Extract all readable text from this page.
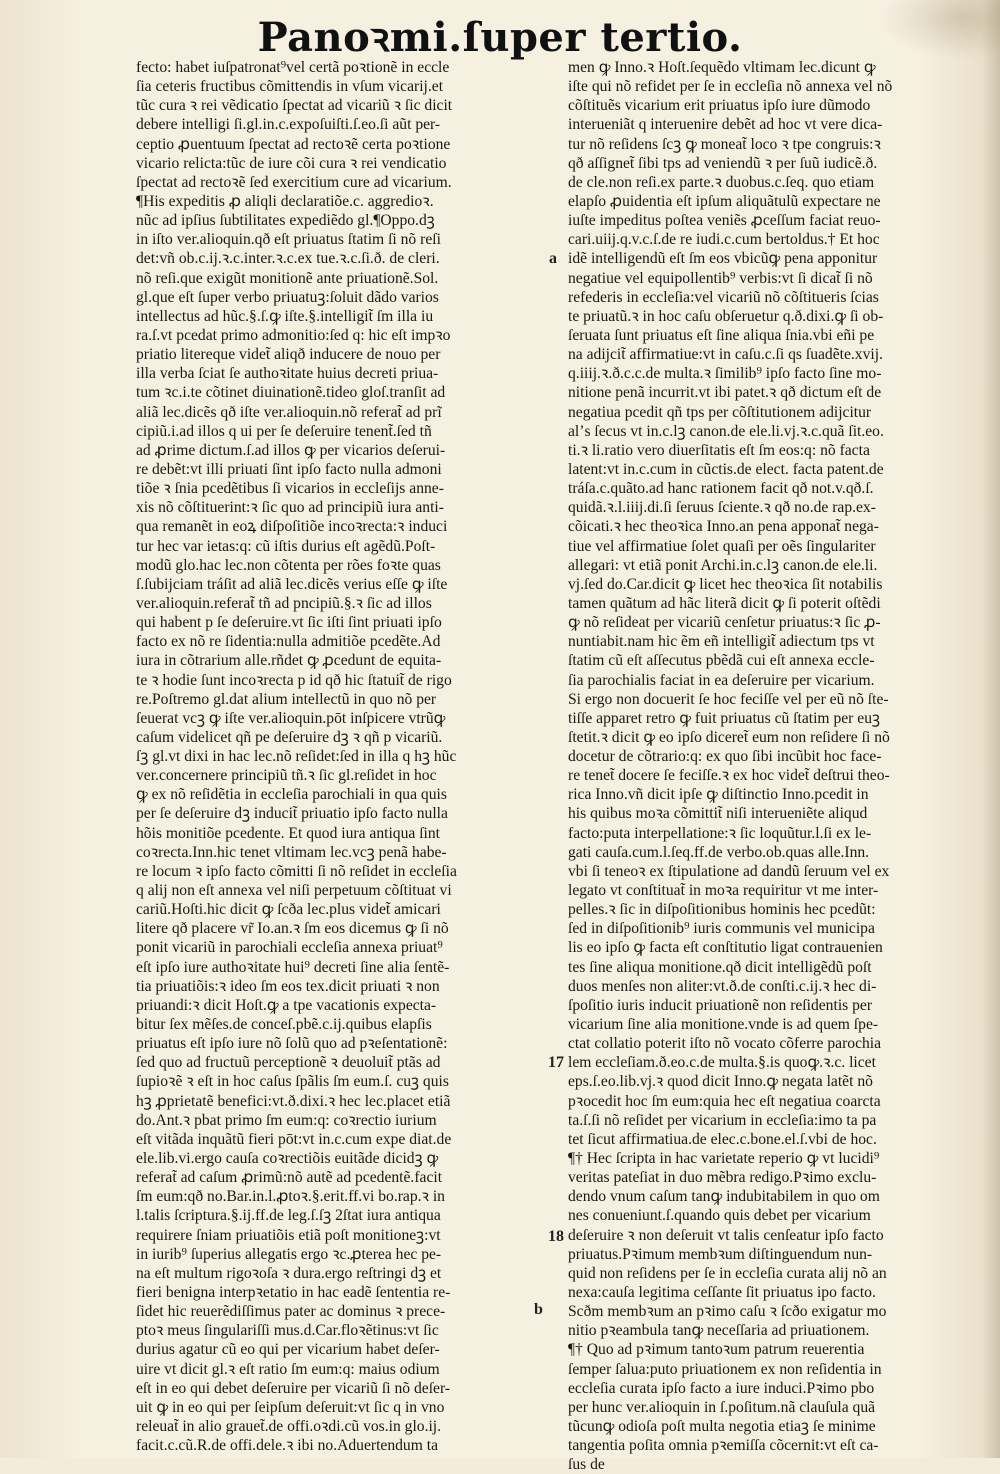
Panoꝛmi.ſuper tertio.
fecto: habet iuſpatronat⁹vel certã poꝛtionẽ in eccle
ſia ceteris fructibus cõmittendis in vſum vicarij.et
tũc cura ꝛ rei vẽdicatio ſpectat ad vicariũ ꝛ ſic dicit
debere intelligi ſi.gl.in.c.expoſuiſti.ſ.eo.ſi aũt per-
ceptio ꝓuentuum ſpectat ad rectoꝛẽ certa poꝛtione
vicario relicta:tũc de iure cõi cura ꝛ rei vendicatio
ſpectat ad rectoꝛẽ ſed exercitium cure ad vicarium.
¶His expeditis ꝓ aliqli declaratiõe.c. aggredioꝛ.
nũc ad ipſius ſubtilitates expediẽdo gl.¶Oppo.dꝫ
in iſto ver.alioquin.qð eſt priuatus ſtatim ſi nõ reſi
det:vñ ob.c.ij.ꝛ.c.inter.ꝛ.c.ex tue.ꝛ.c.ſi.ð. de cleri.
nõ reſi.que exigũt monitionẽ ante priuationẽ.Sol.
gl.que eſt ſuper verbo priuatuꝫ:ſoluit dãdo varios
intellectus ad hũc.§.ſ.ꝙ iſte.§.intelligit̃ ſm illa iu
ra.ſ.vt pcedat primo admonitio:ſed q: hic eſt impꝛo
priatio litereque videt̃ aliqð inducere de nouo per
illa verba ſciat ſe authoꝛitate huius decreti priua-
tum ꝛc.i.te cõtinet diuinationẽ.tideo gloſ.tranſit ad
aliã lec.dicẽs qð iſte ver.alioquin.nõ referat̃ ad prĩ
cipiũ.i.ad illos q ui per ſe deſeruire tenent̃.ſed tñ
ad ꝓrime dictum.ſ.ad illos ꝙ per vicarios deſerui-
re debẽt:vt illi priuati ſint ipſo facto nulla admoni
tiõe ꝛ ſnia pcedẽtibus ſi vicarios in eccleſijs anne-
xis nõ cõſtituerint:ꝛ ſic quo ad principiũ iura anti-
qua remanẽt in eoꝝ diſpoſitiõe incoꝛrecta:ꝛ induci
tur hec var ietas:q: cũ iſtis durius eſt agẽdũ.Poſt-
modũ glo.hac lec.non cõtenta per rões foꝛte quas
ſ.ſubijciam tráſit ad aliã lec.dicẽs verius eſſe ꝙ iſte
ver.alioquin.referat̃ tñ ad pncipiũ.§.ꝛ ſic ad illos
qui habent p ſe deſeruire.vt ſic iſti ſint priuati ipſo
facto ex nõ re ſidentia:nulla admitiõe pcedẽte.Ad
iura in cõtrarium alle.rñdet ꝙ ꝓcedunt de equita-
te ꝛ hodie ſunt incoꝛrecta p id qð hic ſtatuit̃ de rigo
re.Poſtremo gl.dat alium intellectũ in quo nõ per
ſeuerat vcꝫ ꝙ iſte ver.alioquin.pōt inſpicere vtrũꝙ
caſum videlicet qñ pe deſeruire dꝫ ꝛ qñ p vicariũ.
ſꝫ gl.vt dixi in hac lec.nõ reſidet:ſed in illa q hꝫ hũc
ver.concernere principiũ tñ.ꝛ ſic gl.reſidet in hoc
ꝙ ex nõ reſidẽtia in eccleſia parochiali in qua quis
per ſe deſeruire dꝫ inducit̃ priuatio ipſo facto nulla
hõis monitiõe pcedente. Et quod iura antiqua ſint
coꝛrecta.Inn.hic tenet vltimam lec.vcꝫ penã habe-
re locum ꝛ ipſo facto cõmitti ſi nõ reſidet in eccleſia
q alij non eſt annexa vel niſi perpetuum cõſtituat vi
cariũ.Hoſti.hic dicit ꝙ ſcða lec.plus videt̃ amicari
litere qð placere vr̃ Io.an.ꝛ ſm eos dicemus ꝙ ſi nõ
ponit vicariũ in parochiali eccleſia annexa priuat⁹
eſt ipſo iure authoꝛitate hui⁹ decreti ſine alia ſentẽ-
tia priuatiõis:ꝛ ideo ſm eos tex.dicit priuati ꝛ non
priuandi:ꝛ dicit Hoſt.ꝙ a tpe vacationis expecta-
bitur ſex mẽſes.de conceſ.pbẽ.c.ij.quibus elapſis
priuatus eſt ipſo iure nõ ſolũ quo ad pꝛeſentationẽ:
ſed quo ad fructuũ perceptionẽ ꝛ deuoluit̃ ptãs ad
ſupioꝛẽ ꝛ eſt in hoc caſus ſpãlis ſm eum.ſ. cuꝫ quis
hꝫ ꝓprietatẽ benefici:vt.ð.dixi.ꝛ hec lec.placet etiã
do.Ant.ꝛ pbat primo ſm eum:q: coꝛrectio iurium
eſt vitãda inquãtũ fieri pōt:vt in.c.cum expe diat.de
ele.lib.vi.ergo cauſa coꝛrectiõis euitãde dicidꝫ ꝙ
referat̃ ad caſum ꝓrimũ:nõ autẽ ad pcedentẽ.facit
ſm eum:qð no.Bar.in.l.ꝓtoꝛ.§.erit.ff.vi bo.rap.ꝛ in
l.talis ſcriptura.§.ij.ff.de leg.ſ.ſꝫ 2ſtat iura antiqua
requirere ſniam priuatiõis etiã poſt monitioneꝫ:vt
in iurib⁹ ſuperius allegatis ergo ꝛc.ꝓterea hec pe-
na eſt multum rigoꝛoſa ꝛ dura.ergo reſtringi dꝫ et
fieri benigna interpꝛetatio in hac eadẽ ſententia re-
ſidet hic reuerẽdiſſimus pater ac dominus ꝛ prece-
ptoꝛ meus ſingulariſſi mus.d.Car.floꝛẽtinus:vt ſic
durius agatur cũ eo qui per vicarium habet deſer-
uire vt dicit gl.ꝛ eſt ratio ſm eum:q: maius odium
eſt in eo qui debet deſeruire per vicariũ ſi nõ deſer-
uit ꝙ in eo qui per ſeipſum deſeruit:vt ſic q in vno
releuat̃ in alio grauet̃.de offi.oꝛdi.cũ vos.in glo.ij.
facit.c.cũ.R.de offi.dele.ꝛ ibi no.Aduertendum ta
men ꝙ Inno.ꝛ Hoſt.ſequẽdo vltimam lec.dicunt ꝙ
iſte qui nõ refidet per ſe in eccleſia nõ annexa vel nõ
cõſtituẽs vicarium erit priuatus ipſo iure dũmodo
interueniãt q interuenire debẽt ad hoc vt vere dica-
tur nõ reſidens ſcꝫ ꝙ moneat̃ loco ꝛ tpe congruis:ꝛ
qð aſſignet̃ ſibi tps ad veniendũ ꝛ per ſuũ iudicẽ.ð.
de cle.non reſi.ex parte.ꝛ duobus.c.ſeq. quo etiam
elapſo ꝓuidentia eſt ipſum aliquãtulũ expectare ne
iuſte impeditus poſtea veniẽs ꝓceſſum faciat reuo-
cari.uiij.q.v.c.ſ.de re iudi.c.cum bertoldus.† Et hoc
idẽ intelligendũ eſt ſm eos vbicũꝙ pena apponitur
negatiue vel equipollentib⁹ verbis:vt ſi dicat̃ ſi nõ
refederis in eccleſia:vel vicariũ nõ cõſtitueris ſcias
te priuatũ.ꝛ in hoc caſu obſeruetur q.ð.dixi.ꝙ ſi ob-
ſeruata ſunt priuatus eſt ſine aliqua ſnia.vbi eñi pe
na adijcit̃ affirmatiue:vt in caſu.c.ſi qs ſuadẽte.xvij.
q.iiij.ꝛ.ð.c.c.de multa.ꝛ ſimilib⁹ ipſo facto ſine mo-
nitione penã incurrit.vt ibi patet.ꝛ qð dictum eſt de
negatiua pcedit qñ tps per cõſtitutionem adijcitur
alʼs ſecus vt in.c.lꝫ canon.de ele.li.vj.ꝛ.c.quã ſit.eo.
ti.ꝛ li.ratio vero diuerſitatis eſt ſm eos:q: nõ facta
latent:vt in.c.cum in cũctis.de elect. facta patent.de
tráſa.c.quãto.ad hanc rationem facit qð not.v.qð.ſ.
quidã.ꝛ.l.iiij.di.ſi ſeruus ſciente.ꝛ qð no.de rap.ex-
cõicati.ꝛ hec theoꝛica Inno.an pena apponat̃ nega-
tiue vel affirmatiue ſolet quaſi per oẽs ſingulariter
allegari: vt etiã ponit Archi.in.c.lꝫ canon.de ele.li.
vj.ſed do.Car.dicit ꝙ licet hec theoꝛica ſit notabilis
tamen quãtum ad hãc literã dicit ꝙ ſi poterit oſtẽdi
ꝙ nõ reſideat per vicariũ cenſetur priuatus:ꝛ ſic ꝓ-
nuntiabit.nam hic ẽm eñ intelligit̃ adiectum tps vt
ſtatim cũ eſt aſſecutus pbẽdã cui eſt annexa eccle-
ſia parochialis faciat in ea deſeruire per vicarium.
Si ergo non docuerit ſe hoc feciſſe vel per eũ nõ ſte-
tiſſe apparet retro ꝙ fuit priuatus cũ ſtatim per euꝫ
ſtetit.ꝛ dicit ꝙ eo ipſo diceret̃ eum non reſidere ſi nõ
docetur de cõtrario:q: ex quo ſibi incũbit hoc face-
re tenet̃ docere ſe feciſſe.ꝛ ex hoc videt̃ deſtrui theo-
rica Inno.vñ dicit ipſe ꝙ diſtinctio Inno.pcedit in
his quibus moꝛa cõmittit̃ niſi interueniẽte aliqud
facto:puta interpellatione:ꝛ ſic loquũtur.l.ſi ex le-
gati cauſa.cum.l.ſeq.ff.de verbo.ob.quas alle.Inn.
vbi ſi teneoꝛ ex ſtipulatione ad dandũ ſeruum vel ex
legato vt conſtituat̃ in moꝛa requiritur vt me inter-
pelles.ꝛ ſic in diſpoſitionibus hominis hec pcedũt:
ſed in diſpoſitionib⁹ iuris communis vel municipa
lis eo ipſo ꝙ facta eſt conſtitutio ligat contrauenien
tes ſine aliqua monitione.qð dicit intelligẽdũ poſt
duos menſes non aliter:vt.ð.de conſti.c.ij.ꝛ hec di-
ſpoſitio iuris inducit priuationẽ non reſidentis per
vicarium ſine alia monitione.vnde is ad quem ſpe-
ctat collatio poterit iſto nõ vocato cõferre parochia
lem eccleſiam.ð.eo.c.de multa.§.is quoꝙ.ꝛ.c. licet
eps.ſ.eo.lib.vj.ꝛ quod dicit Inno.ꝙ negata latẽt nõ
pꝛocedit hoc ſm eum:quia hec eſt negatiua coarcta
ta.ſ.ſi nõ reſidet per vicarium in eccleſia:imo ta pa
tet ſicut affirmatiua.de elec.c.bone.el.ſ.vbi de hoc.
¶† Hec ſcripta in hac varietate reperio ꝙ vt lucidi⁹
veritas pateſiat in duo mẽbra redigo.Pꝛimo exclu-
dendo vnum caſum tanꝙ indubitabilem in quo om
nes conueniunt.ſ.quando quis debet per vicarium
deſeruire ꝛ non deſeruit vt talis cenſeatur ipſo facto
priuatus.Pꝛimum membꝛum diſtinguendum nun-
quid non reſidens per ſe in eccleſia curata alij nõ an
nexa:cauſa legitima ceſſante ſit priuatus ipo facto.
Scðm membꝛum an pꝛimo caſu ꝛ ſcðo exigatur mo
nitio pꝛeambula tanꝙ neceſſaria ad priuationem.
¶† Quo ad pꝛimum tantoꝛum patrum reuerentia
ſemper ſalua:puto priuationem ex non reſidentia in
eccleſia curata ipſo facto a iure induci.Pꝛimo pbo
per hunc ver.alioquin in ſ.poſitum.nã clauſula quã
tũcunꝙ odioſa poſt multa negotia etiaꝫ ſe minime
tangentia poſita omnia pꝛemiſſa cõcernit:vt eſt ca-
ſus de
a
17
18
b
